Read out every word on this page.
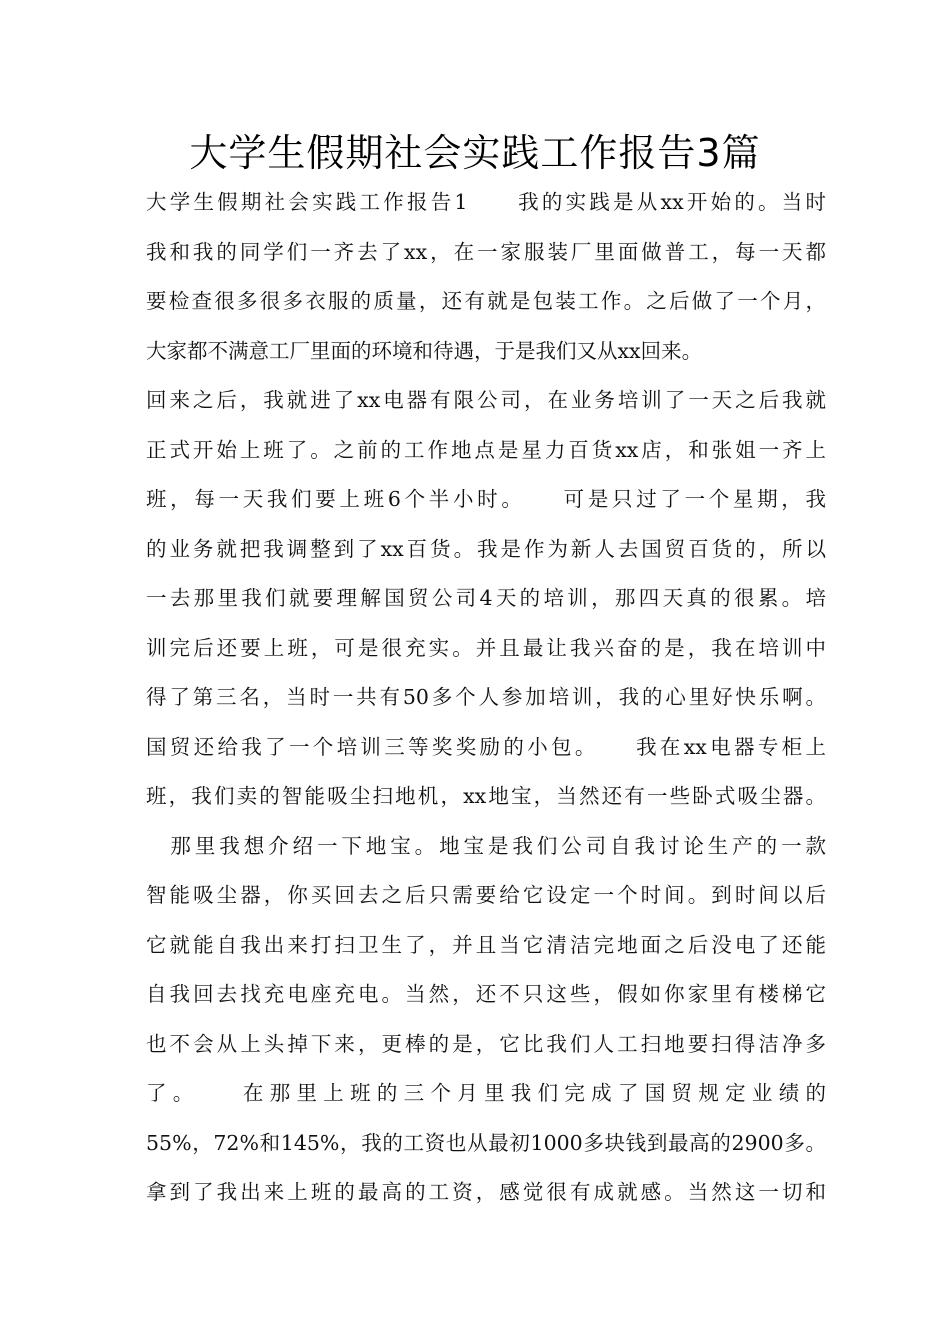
大学生假期社会实践工作报告3篇
大学生假期社会实践工作报告1　　我的实践是从xx开始的。当时
我和我的同学们一齐去了xx，在一家服装厂里面做普工，每一天都
要检查很多很多衣服的质量，还有就是包装工作。之后做了一个月，
大家都不满意工厂里面的环境和待遇，于是我们又从xx回来。
回来之后，我就进了xx电器有限公司，在业务培训了一天之后我就
正式开始上班了。之前的工作地点是星力百货xx店，和张姐一齐上
班，每一天我们要上班6个半小时。　　可是只过了一个星期，我
的业务就把我调整到了xx百货。我是作为新人去国贸百货的，所以
一去那里我们就要理解国贸公司4天的培训，那四天真的很累。培
训完后还要上班，可是很充实。并且最让我兴奋的是，我在培训中
得了第三名，当时一共有50多个人参加培训，我的心里好快乐啊。
国贸还给我了一个培训三等奖奖励的小包。　　我在xx电器专柜上
班，我们卖的智能吸尘扫地机，xx地宝，当然还有一些卧式吸尘器。
　那里我想介绍一下地宝。地宝是我们公司自我讨论生产的一款
智能吸尘器，你买回去之后只需要给它设定一个时间。到时间以后
它就能自我出来打扫卫生了，并且当它清洁完地面之后没电了还能
自我回去找充电座充电。当然，还不只这些，假如你家里有楼梯它
也不会从上头掉下来，更棒的是，它比我们人工扫地要扫得洁净多
了。　　在那里上班的三个月里我们完成了国贸规定业绩的
55%，72%和145%，我的工资也从最初1000多块钱到最高的2900多。
拿到了我出来上班的最高的工资，感觉很有成就感。当然这一切和
